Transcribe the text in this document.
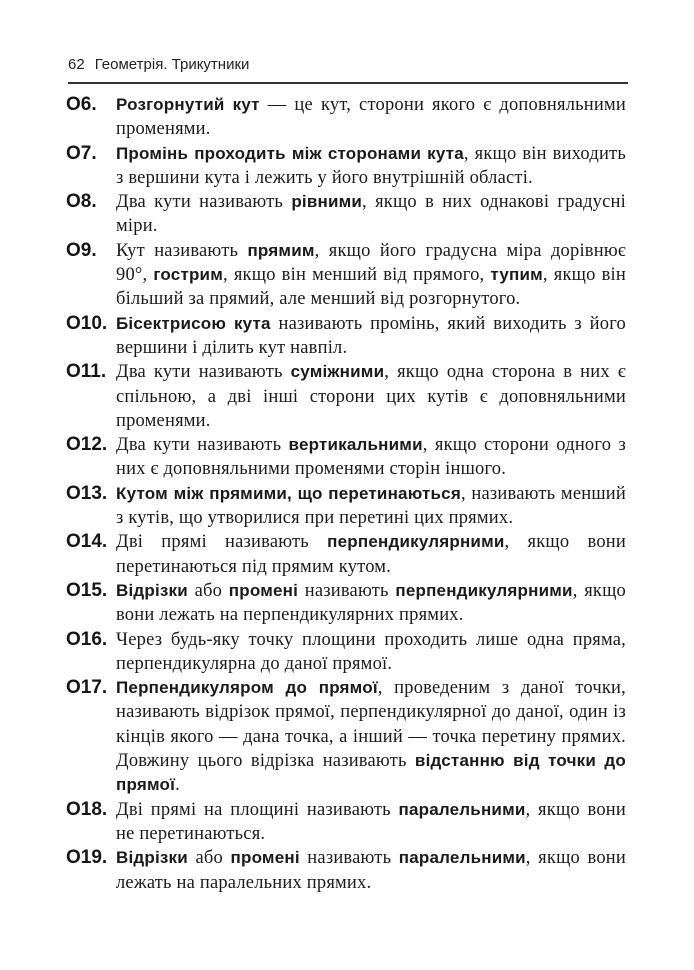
62 Геометрія. Трикутники
О6.	Розгорнутий кут — це кут, сторони якого є доповняльними променями.
О7.	Промінь проходить між сторонами кута, якщо він виходить з вершини кута і лежить у його внутрішній області.
О8.	Два кути називають рівними, якщо в них однакові градусні міри.
О9.	Кут називають прямим, якщо його градусна міра дорівнює 90°, гострим, якщо він менший від прямого, тупим, якщо він більший за прямий, але менший від розгорнутого.
О10. Бісектрисою кута називають промінь, який виходить з його вершини і ділить кут навпіл.
О11. Два кути називають суміжними, якщо одна сторона в них є спільною, а дві інші сторони цих кутів є доповняльними променями.
О12. Два кути називають вертикальними, якщо сторони одного з них є доповняльними променями сторін іншого.
О13. Кутом між прямими, що перетинаються, називають менший з кутів, що утворилися при перетині цих прямих.
О14. Дві прямі називають перпендикулярними, якщо вони перетинаються під прямим кутом.
О15. Відрізки або промені називають перпендикулярними, якщо вони лежать на перпендикулярних прямих.
О16. Через будь-яку точку площини проходить лише одна пряма, перпендикулярна до даної прямої.
О17. Перпендикуляром до прямої, проведеним з даної точки, називають відрізок прямої, перпендикулярної до даної, один із кінців якого — дана точка, а інший — точка перетину прямих. Довжину цього відрізка називають відстанню від точки до прямої.
О18. Дві прямі на площині називають паралельними, якщо вони не перетинаються.
О19. Відрізки або промені називають паралельними, якщо вони лежать на паралельних прямих.
